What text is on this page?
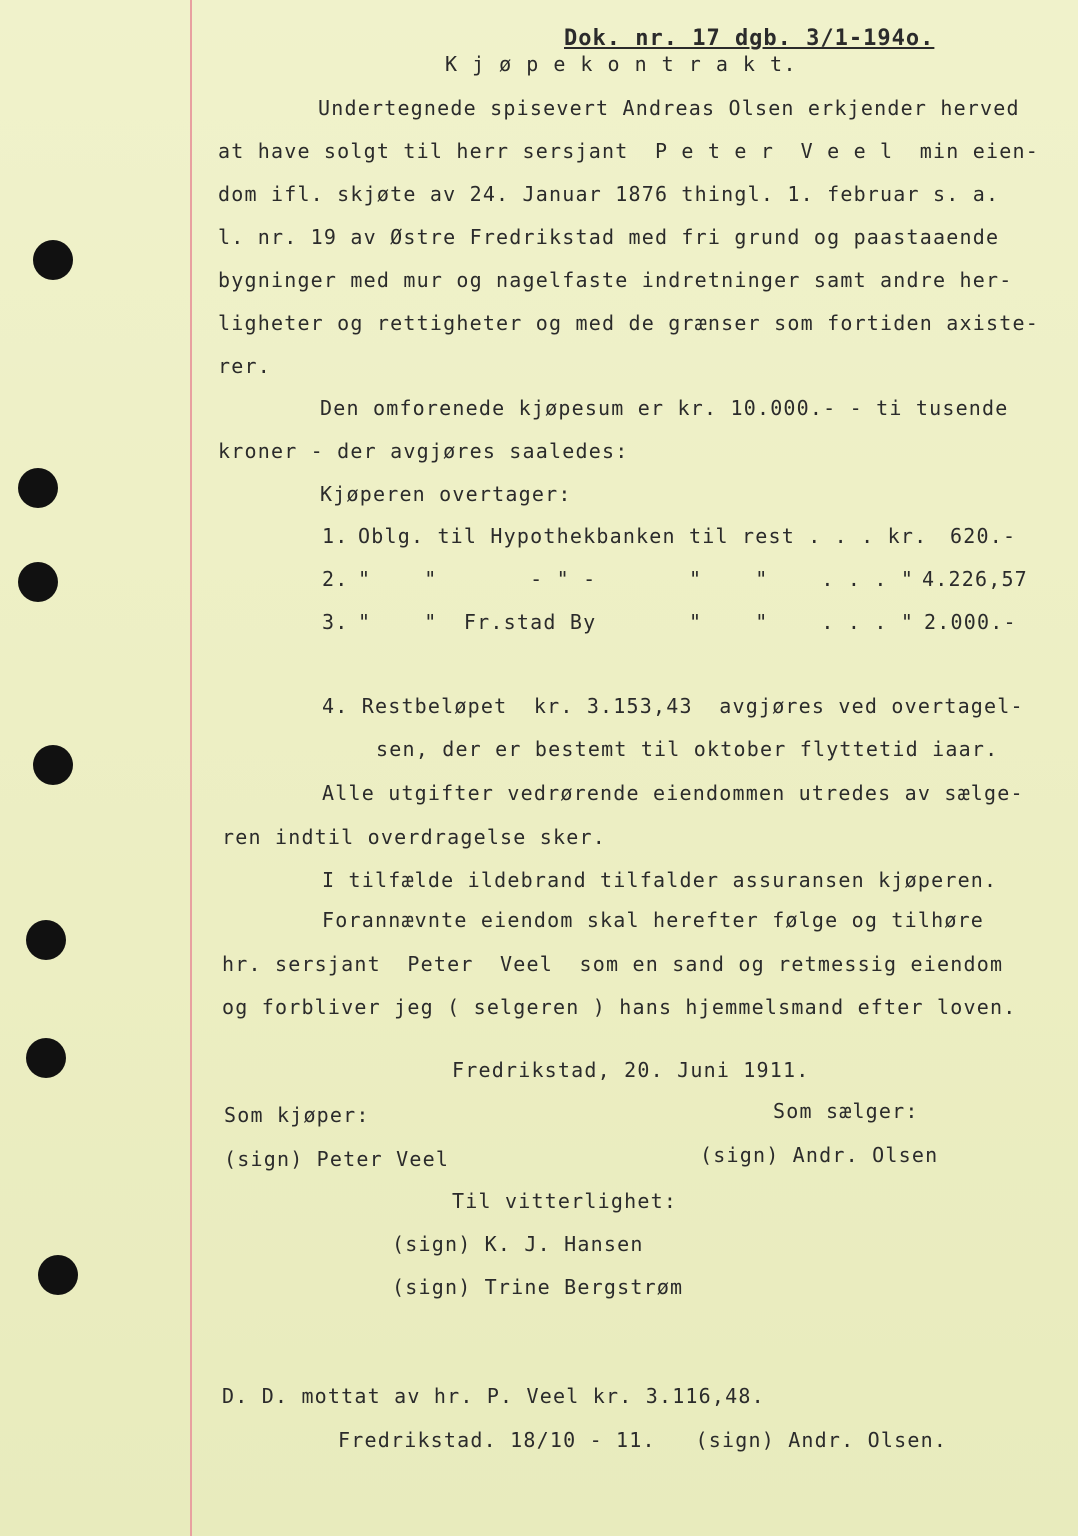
Dok. nr. 17 dgb. 3/1-194o.
K j ø p e k o n t r a k t.
Undertegnede spisevert Andreas Olsen erkjender herved
at have solgt til herr sersjant  P e t e r  V e e l  min eien-
dom ifl. skjøte av 24. Januar 1876 thingl. 1. februar s. a.
l. nr. 19 av Østre Fredrikstad med fri grund og paastaaende
bygninger med mur og nagelfaste indretninger samt andre her-
ligheter og rettigheter og med de grænser som fortiden axiste-
rer.
Den omforenede kjøpesum er kr. 10.000.- - ti tusende
kroner - der avgjøres saaledes:
Kjøperen overtager:

1.

Oblg. til Hypothekbanken til rest . . . kr.

620.-

2.

"    "       - " -       "    "    . . . "

4.226,57

3.

"    "  Fr.stad By       "    "    . . . "

2.000.-

4. Restbeløpet  kr. 3.153,43  avgjøres ved overtagel-
sen, der er bestemt til oktober flyttetid iaar.
Alle utgifter vedrørende eiendommen utredes av sælge-
ren indtil overdragelse sker.
I tilfælde ildebrand tilfalder assuransen kjøperen.
Forannævnte eiendom skal herefter følge og tilhøre
hr. sersjant  Peter  Veel  som en sand og retmessig eiendom
og forbliver jeg ( selgeren ) hans hjemmelsmand efter loven.
Fredrikstad, 20. Juni 1911.
Som kjøper:	Som sælger:
(sign) Peter Veel	(sign) Andr. Olsen
Til vitterlighet:
(sign) K. J. Hansen
(sign) Trine Bergstrøm
D. D. mottat av hr. P. Veel kr. 3.116,48.
Fredrikstad. 18/10 - 11.   (sign) Andr. Olsen.
